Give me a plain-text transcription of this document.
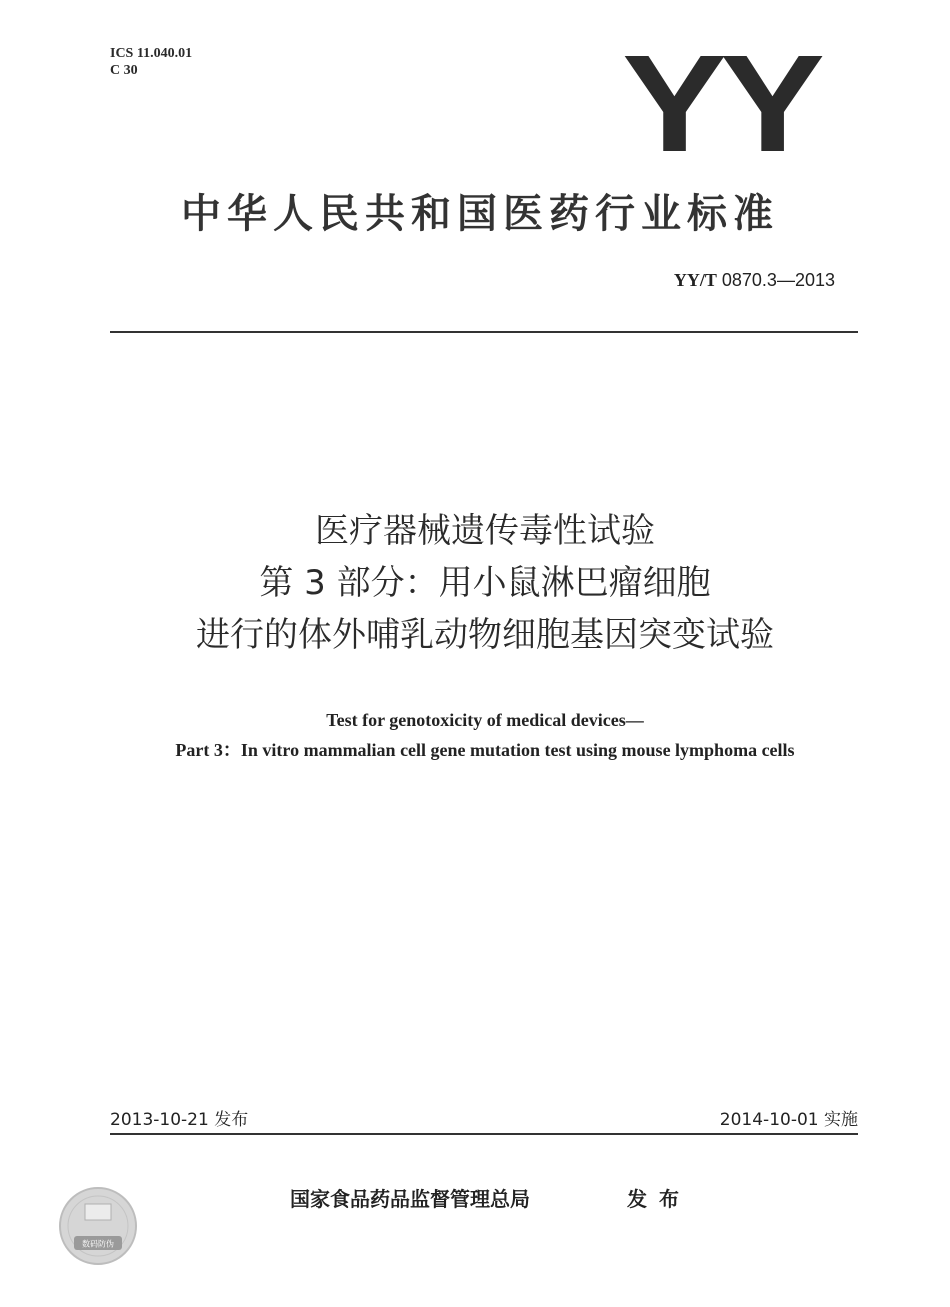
ICS 11.040.01
C 30	YY
中华人民共和国医药行业标准
YY/T 0870.3—2013
医疗器械遗传毒性试验
第 3 部分：用小鼠淋巴瘤细胞
进行的体外哺乳动物细胞基因突变试验
Test for genotoxicity of medical devices—
Part 3：In vitro mammalian cell gene mutation test using mouse lymphoma cells
2013-10-21 发布	2014-10-01 实施
数码防伪
国家食品药品监督管理总局	发布
